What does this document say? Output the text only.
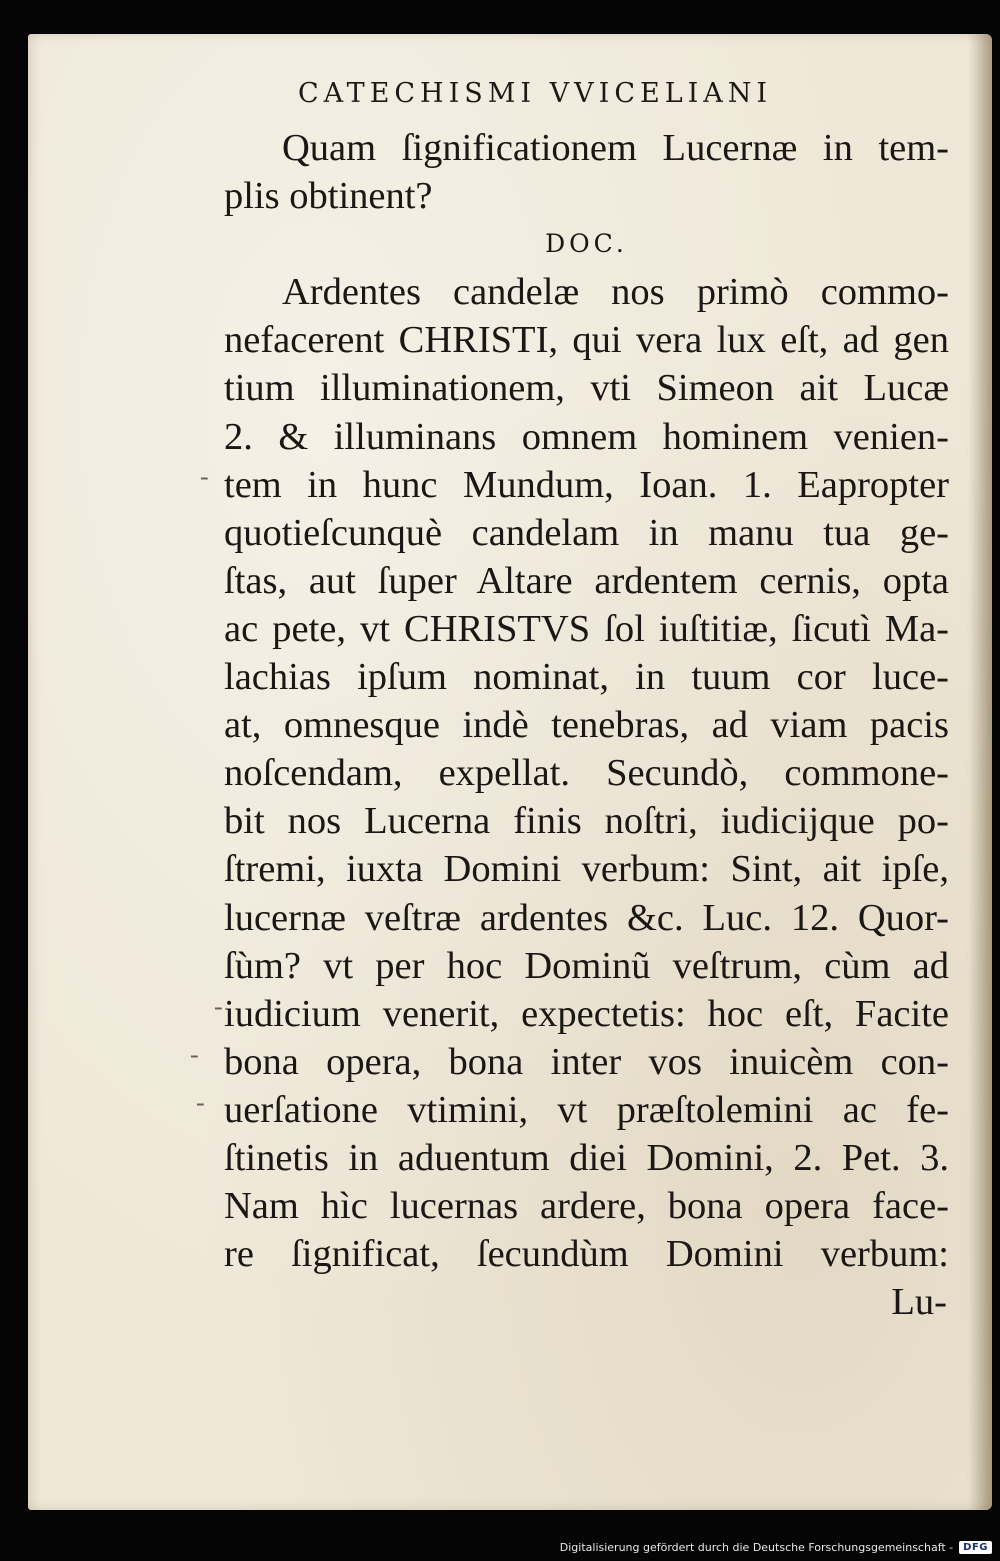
CATECHISMI VVICELIANI
Quam ſignificationem Lucernæ in tem-
plis obtinent?
DOC.
Ardentes candelæ nos primò commo-
nefacerent CHRISTI, qui vera lux eſt, ad gen
tium illuminationem, vti Simeon ait Lucæ
2. & illuminans omnem hominem venien-
tem in hunc Mundum, Ioan. 1. Eapropter
quotieſcunquè candelam in manu tua ge-
ſtas, aut ſuper Altare ardentem cernis, opta
ac pete, vt CHRISTVS ſol iuſtitiæ, ſicutì Ma-
lachias ipſum nominat, in tuum cor luce-
at, omnesque indè tenebras, ad viam pacis
noſcendam, expellat. Secundò, commone-
bit nos Lucerna finis noſtri, iudicijque po-
ſtremi, iuxta Domini verbum: Sint, ait ipſe,
lucernæ veſtræ ardentes &c. Luc. 12. Quor-
ſùm? vt per hoc Dominũ veſtrum, cùm ad
iudicium venerit, expectetis: hoc eſt, Facite
bona opera, bona inter vos inuicèm con-
uerſatione vtimini, vt præſtolemini ac fe-
ſtinetis in aduentum diei Domini, 2. Pet. 3.
Nam hìc lucernas ardere, bona opera face-
re ſignificat, ſecundùm Domini verbum:
Lu-
-
-
-
-
Digitalisierung gefördert durch die Deutsche Forschungsgemeinschaft -	DFG
